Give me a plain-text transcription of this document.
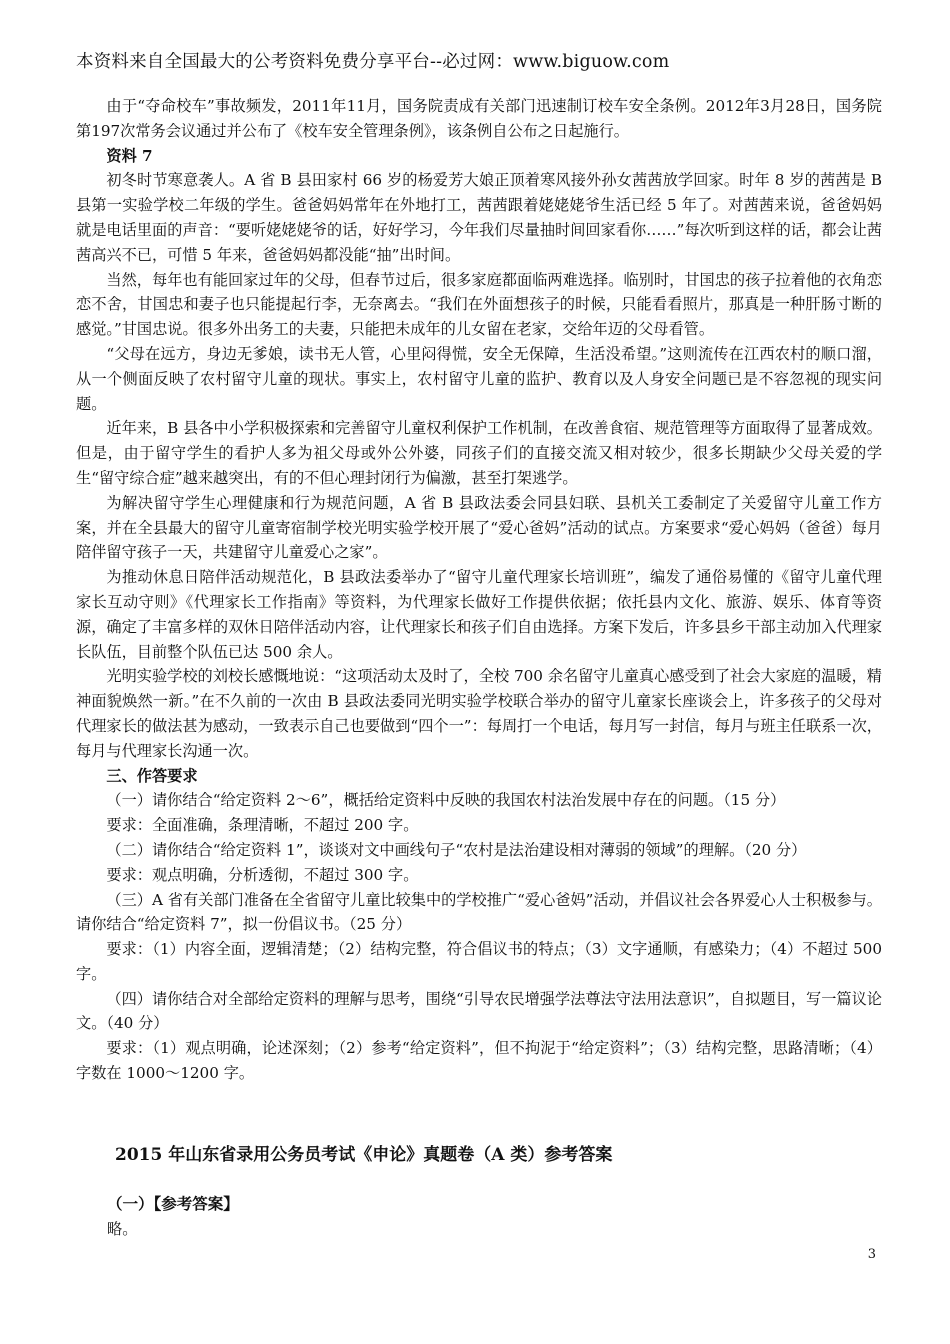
本资料来自全国最大的公考资料免费分享平台--必过网：www.biguow.com

由于“夺命校车”事故频发，2011年11月，国务院责成有关部门迅速制订校车安全条例。2012年3月28日，国务院第197次常务会议通过并公布了《校车安全管理条例》，该条例自公布之日起施行。

资料 7

初冬时节寒意袭人。A 省 B 县田家村 66 岁的杨爱芳大娘正顶着寒风接外孙女茜茜放学回家。时年 8 岁的茜茜是 B 县第一实验学校二年级的学生。爸爸妈妈常年在外地打工，茜茜跟着姥姥姥爷生活已经 5 年了。对茜茜来说，爸爸妈妈就是电话里面的声音：“要听姥姥姥爷的话，好好学习，今年我们尽量抽时间回家看你……”每次听到这样的话，都会让茜茜高兴不已，可惜 5 年来，爸爸妈妈都没能“抽”出时间。

当然，每年也有能回家过年的父母，但春节过后，很多家庭都面临两难选择。临别时，甘国忠的孩子拉着他的衣角恋恋不舍，甘国忠和妻子也只能提起行李，无奈离去。“我们在外面想孩子的时候，只能看看照片，那真是一种肝肠寸断的感觉。”甘国忠说。很多外出务工的夫妻，只能把未成年的儿女留在老家，交给年迈的父母看管。

“父母在远方，身边无爹娘，读书无人管，心里闷得慌，安全无保障，生活没希望。”这则流传在江西农村的顺口溜，从一个侧面反映了农村留守儿童的现状。事实上，农村留守儿童的监护、教育以及人身安全问题已是不容忽视的现实问题。

近年来，B 县各中小学积极探索和完善留守儿童权利保护工作机制，在改善食宿、规范管理等方面取得了显著成效。但是，由于留守学生的看护人多为祖父母或外公外婆，同孩子们的直接交流又相对较少，很多长期缺少父母关爱的学生“留守综合症”越来越突出，有的不但心理封闭行为偏激，甚至打架逃学。

为解决留守学生心理健康和行为规范问题，A 省 B 县政法委会同县妇联、县机关工委制定了关爱留守儿童工作方案，并在全县最大的留守儿童寄宿制学校光明实验学校开展了“爱心爸妈”活动的试点。方案要求“爱心妈妈（爸爸）每月陪伴留守孩子一天，共建留守儿童爱心之家”。

为推动休息日陪伴活动规范化，B 县政法委举办了“留守儿童代理家长培训班”，编发了通俗易懂的《留守儿童代理家长互动守则》《代理家长工作指南》等资料，为代理家长做好工作提供依据；依托县内文化、旅游、娱乐、体育等资源，确定了丰富多样的双休日陪伴活动内容，让代理家长和孩子们自由选择。方案下发后，许多县乡干部主动加入代理家长队伍，目前整个队伍已达 500 余人。

光明实验学校的刘校长感慨地说：“这项活动太及时了，全校 700 余名留守儿童真心感受到了社会大家庭的温暖，精神面貌焕然一新。”在不久前的一次由 B 县政法委同光明实验学校联合举办的留守儿童家长座谈会上，许多孩子的父母对代理家长的做法甚为感动，一致表示自己也要做到“四个一”：每周打一个电话，每月写一封信，每月与班主任联系一次，每月与代理家长沟通一次。

三、作答要求

（一）请你结合“给定资料 2～6”，概括给定资料中反映的我国农村法治发展中存在的问题。（15 分）

要求：全面准确，条理清晰，不超过 200 字。

（二）请你结合“给定资料 1”，谈谈对文中画线句子“农村是法治建设相对薄弱的领域”的理解。（20 分）

要求：观点明确，分析透彻，不超过 300 字。

（三）A 省有关部门准备在全省留守儿童比较集中的学校推广“爱心爸妈”活动，并倡议社会各界爱心人士积极参与。请你结合“给定资料 7”，拟一份倡议书。（25 分）

要求：（1）内容全面，逻辑清楚；（2）结构完整，符合倡议书的特点；（3）文字通顺，有感染力；（4）不超过 500 字。

（四）请你结合对全部给定资料的理解与思考，围绕“引导农民增强学法尊法守法用法意识”，自拟题目，写一篇议论文。（40 分）

要求：（1）观点明确，论述深刻；（2）参考“给定资料”，但不拘泥于“给定资料”；（3）结构完整，思路清晰；（4）字数在 1000～1200 字。

2015 年山东省录用公务员考试《申论》真题卷（A 类）参考答案
（一）【参考答案】
略。
3
